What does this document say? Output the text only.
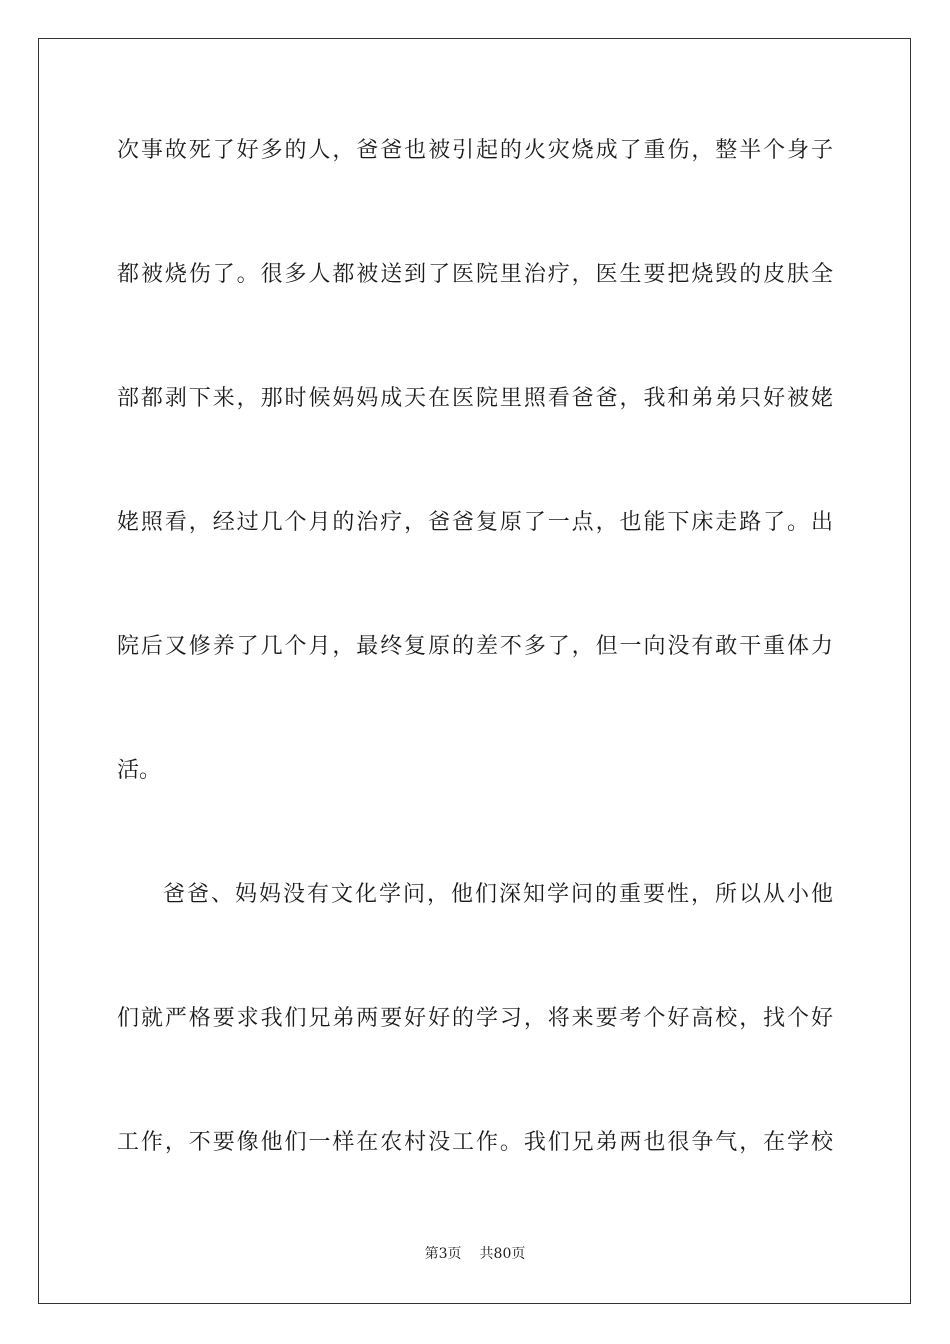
次事故死了好多的人，爸爸也被引起的火灾烧成了重伤，整半个身子
都被烧伤了。很多人都被送到了医院里治疗，医生要把烧毁的皮肤全
部都剥下来，那时候妈妈成天在医院里照看爸爸，我和弟弟只好被姥
姥照看，经过几个月的治疗，爸爸复原了一点，也能下床走路了。出
院后又修养了几个月，最终复原的差不多了，但一向没有敢干重体力
活。
爸爸、妈妈没有文化学问，他们深知学问的重要性，所以从小他
们就严格要求我们兄弟两要好好的学习，将来要考个好高校，找个好
工作，不要像他们一样在农村没工作。我们兄弟两也很争气，在学校
第3页 共80页
